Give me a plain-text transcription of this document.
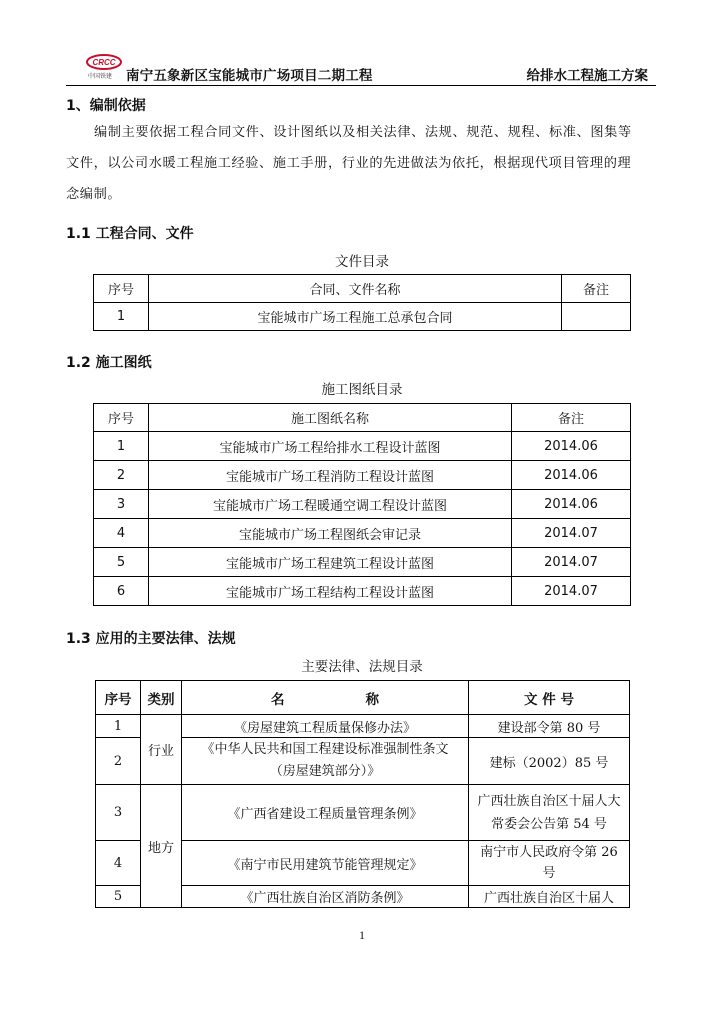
CRCC
中国铁建 南宁五象新区宝能城市广场项目二期工程	给排水工程施工方案
1、编制依据
编制主要依据工程合同文件、设计图纸以及相关法律、法规、规范、规程、标准、图集等
文件，以公司水暖工程施工经验、施工手册，行业的先进做法为依托，根据现代项目管理的理
念编制。
1.1 工程合同、文件
文件目录
序号	合同、文件名称	备注
1	宝能城市广场工程施工总承包合同	
1.2 施工图纸
施工图纸目录
序号	施工图纸名称	备注
1	宝能城市广场工程给排水工程设计蓝图	2014.06
2	宝能城市广场工程消防工程设计蓝图	2014.06
3	宝能城市广场工程暖通空调工程设计蓝图	2014.06
4	宝能城市广场工程图纸会审记录	2014.07
5	宝能城市广场工程建筑工程设计蓝图	2014.07
6	宝能城市广场工程结构工程设计蓝图	2014.07
1.3 应用的主要法律、法规
主要法律、法规目录
序号	类别	名　　　　　　称	文 件 号
1	行业	《房屋建筑工程质量保修办法》	建设部令第 80 号
2		《中华人民共和国工程建设标准强制性条文（房屋建筑部分）》	建标（2002）85 号
3	地方	《广西省建设工程质量管理条例》	广西壮族自治区十届人大常委会公告第 54 号
4		《南宁市民用建筑节能管理规定》	南宁市人民政府令第 26 号
5		《广西壮族自治区消防条例》	广西壮族自治区十届人
1
